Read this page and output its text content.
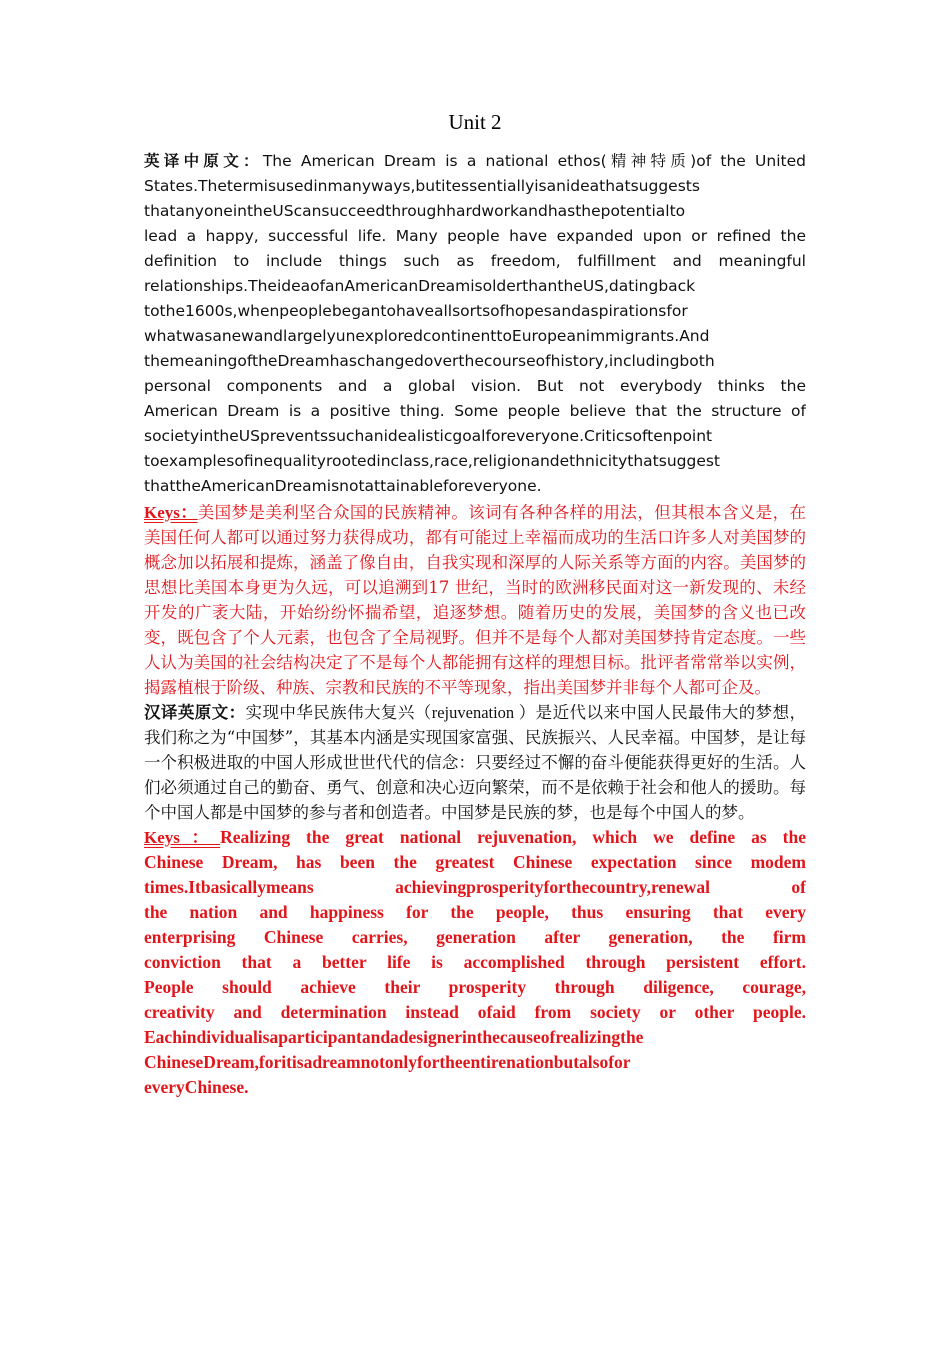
Unit 2
英译中原文：The American Dream is a national ethos(精神特质)of the United
States.Thetermisusedinmanyways,butitessentiallyisanideathatsuggests
thatanyoneintheUScansucceedthroughhardworkandhasthepotentialto
lead a happy, successful life. Many people have expanded upon or refined the
definition to include things such as freedom, fulfillment and meaningful
relationships.TheideaofanAmericanDreamisolderthantheUS,datingback
tothe1600s,whenpeoplebegantohaveallsortsofhopesandaspirationsfor
whatwasanewandlargelyunexploredcontinenttoEuropeanimmigrants.And
themeaningoftheDreamhaschangedoverthecourseofhistory,includingboth
personal components and a global vision. But not everybody thinks the
American Dream is a positive thing. Some people believe that the structure of
societyintheUSpreventssuchanidealisticgoalforeveryone.Criticsoftenpoint
toexamplesofinequalityrootedinclass,race,religionandethnicitythatsuggest
thattheAmericanDreamisnotattainableforeveryone.
Keys：美国梦是美利坚合众国的民族精神。该词有各种各样的用法，但其根本含义是，在美国任何人都可以通过努力获得成功，都有可能过上幸福而成功的生活口许多人对美国梦的概念加以拓展和提炼，涵盖了像自由，自我实现和深厚的人际关系等方面的内容。美国梦的思想比美国本身更为久远，可以追溯到17 世纪，当时的欧洲移民面对这一新发现的、未经开发的广袤大陆，开始纷纷怀揣希望，追逐梦想。随着历史的发展，美国梦的含义也已改变，既包含了个人元素，也包含了全局视野。但并不是每个人都对美国梦持肯定态度。一些人认为美国的社会结构决定了不是每个人都能拥有这样的理想目标。批评者常常举以实例，揭露植根于阶级、种族、宗教和民族的不平等现象，指出美国梦并非每个人都可企及。
汉译英原文：实现中华民族伟大复兴（rejuvenation ）是近代以来中国人民最伟大的梦想，我们称之为“中国梦”，其基本内涵是实现国家富强、民族振兴、人民幸福。中国梦，是让每一个积极进取的中国人形成世世代代的信念：只要经过不懈的奋斗便能获得更好的生活。人们必须通过自己的勤奋、勇气、创意和决心迈向繁荣，而不是依赖于社会和他人的援助。每个中国人都是中国梦的参与者和创造者。中国梦是民族的梦，也是每个中国人的梦。
Keys：Realizing the great national rejuvenation, which we define as the
Chinese Dream, has been the greatest Chinese expectation since modem
times.Itbasicallymeans achievingprosperityforthecountry,renewal of
the nation and happiness for the people, thus ensuring that every
enterprising Chinese carries, generation after generation, the firm
conviction that a better life is accomplished through persistent effort.
People should achieve their prosperity through diligence, courage,
creativity and determination instead ofaid from society or other people.
Eachindividualisaparticipantandadesignerinthecauseofrealizingthe
ChineseDream,foritisadreamnotonlyfortheentirenationbutalsofor
everyChinese.
